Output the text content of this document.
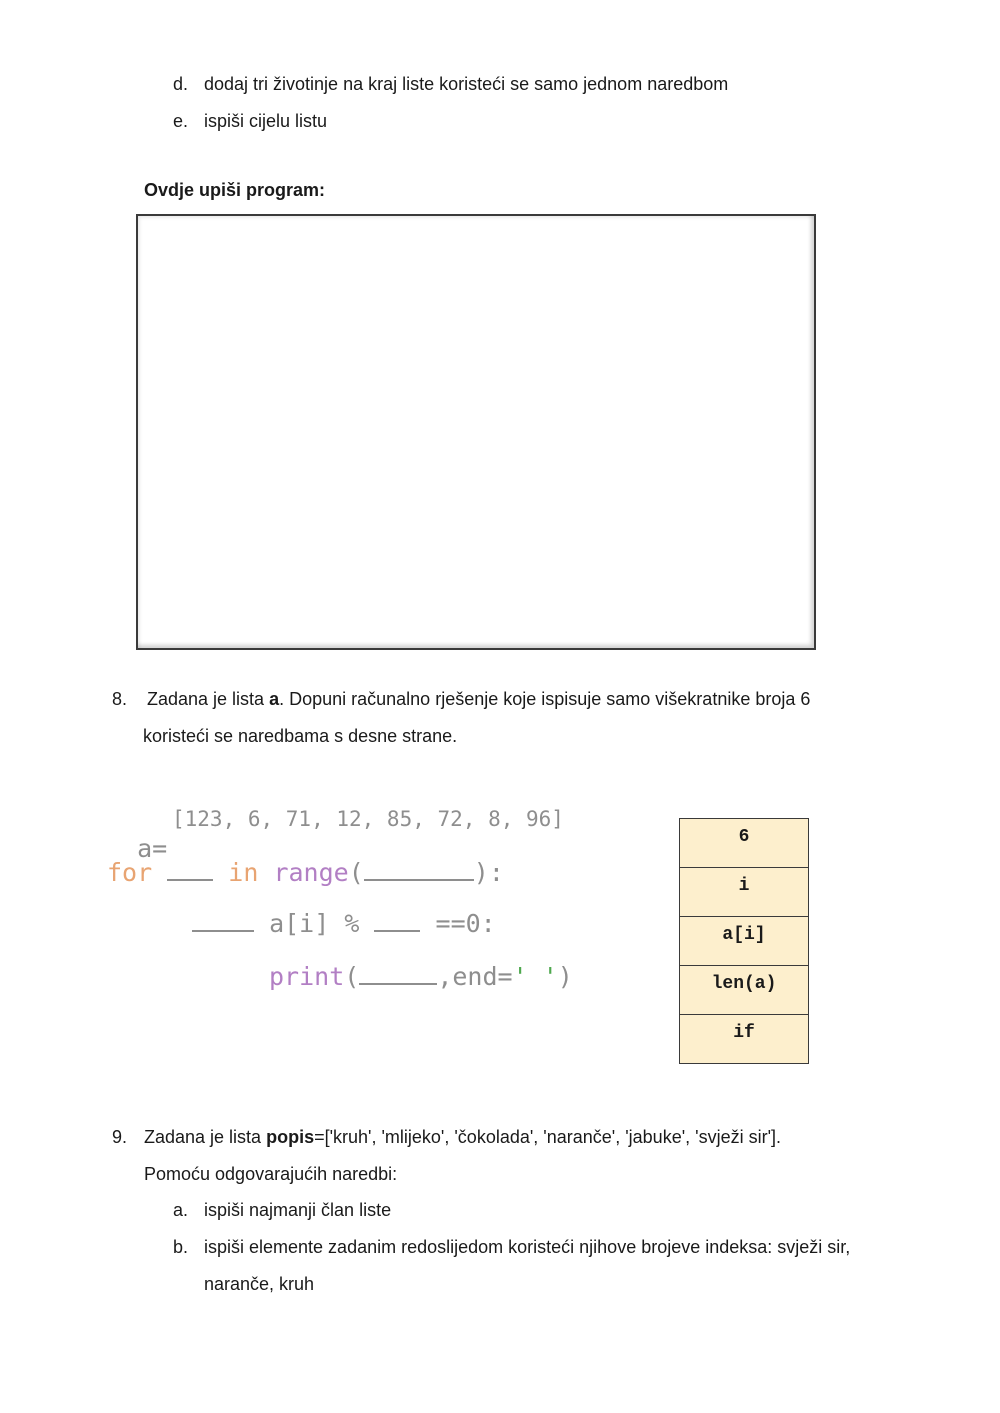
d. dodaj tri životinje na kraj liste koristeći se samo jednom naredbom
e. ispiši cijelu listu
Ovdje upiši program:
8. Zadana je lista a. Dopuni računalno rješenje koje ispisuje samo višekratnike broja 6
koristeći se naredbama s desne strane.

a=

[123, 6, 71, 12, 85, 72, 8, 96]
for	in range(	):
a[i] %	==0:
print(	,end=' ')
6
i
a[i]
len(a)
if
9. Zadana je lista popis=['kruh', 'mlijeko', 'čokolada', 'naranče', 'jabuke', 'svježi sir'].
Pomoću odgovarajućih naredbi:
a. ispiši najmanji član liste
b. ispiši elemente zadanim redoslijedom koristeći njihove brojeve indeksa: svježi sir,
naranče, kruh
